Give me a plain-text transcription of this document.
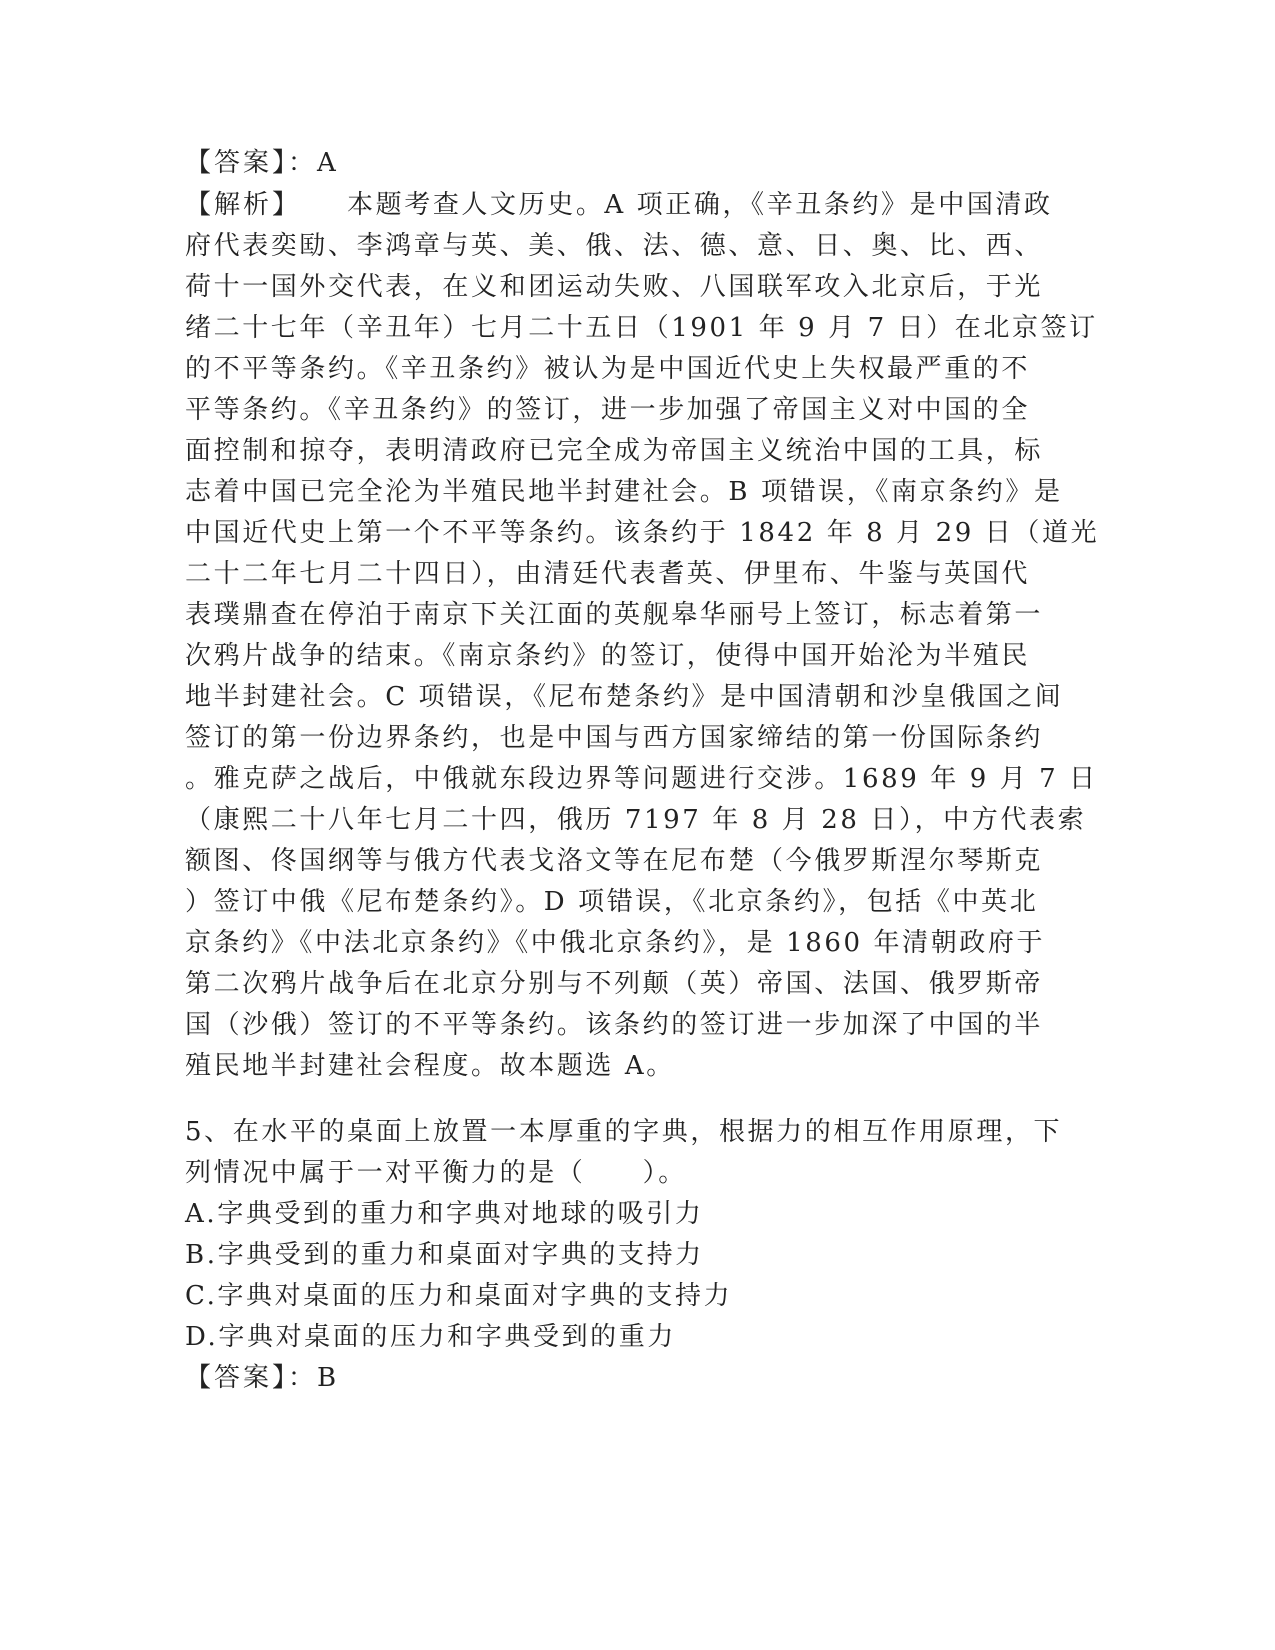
【答案】：A
【解析】 本题考查人文历史。A 项正确，《辛丑条约》是中国清政
府代表奕劻、李鸿章与英、美、俄、法、德、意、日、奥、比、西、
荷十一国外交代表，在义和团运动失败、八国联军攻入北京后，于光
绪二十七年（辛丑年）七月二十五日（1901 年 9 月 7 日）在北京签订
的不平等条约。《辛丑条约》被认为是中国近代史上失权最严重的不
平等条约。《辛丑条约》的签订，进一步加强了帝国主义对中国的全
面控制和掠夺，表明清政府已完全成为帝国主义统治中国的工具，标
志着中国已完全沦为半殖民地半封建社会。B 项错误，《南京条约》是
中国近代史上第一个不平等条约。该条约于 1842 年 8 月 29 日（道光
二十二年七月二十四日），由清廷代表耆英、伊里布、牛鉴与英国代
表璞鼎查在停泊于南京下关江面的英舰皋华丽号上签订，标志着第一
次鸦片战争的结束。《南京条约》的签订，使得中国开始沦为半殖民
地半封建社会。C 项错误，《尼布楚条约》是中国清朝和沙皇俄国之间
签订的第一份边界条约，也是中国与西方国家缔结的第一份国际条约
。雅克萨之战后，中俄就东段边界等问题进行交涉。1689 年 9 月 7 日
（康熙二十八年七月二十四，俄历 7197 年 8 月 28 日），中方代表索
额图、佟国纲等与俄方代表戈洛文等在尼布楚（今俄罗斯涅尔琴斯克
）签订中俄《尼布楚条约》。D 项错误，《北京条约》，包括《中英北
京条约》《中法北京条约》《中俄北京条约》，是 1860 年清朝政府于
第二次鸦片战争后在北京分别与不列颠（英）帝国、法国、俄罗斯帝
国（沙俄）签订的不平等条约。该条约的签订进一步加深了中国的半
殖民地半封建社会程度。故本题选 A。
5、在水平的桌面上放置一本厚重的字典，根据力的相互作用原理，下
列情况中属于一对平衡力的是（　　）。
A.字典受到的重力和字典对地球的吸引力
B.字典受到的重力和桌面对字典的支持力
C.字典对桌面的压力和桌面对字典的支持力
D.字典对桌面的压力和字典受到的重力
【答案】：B
